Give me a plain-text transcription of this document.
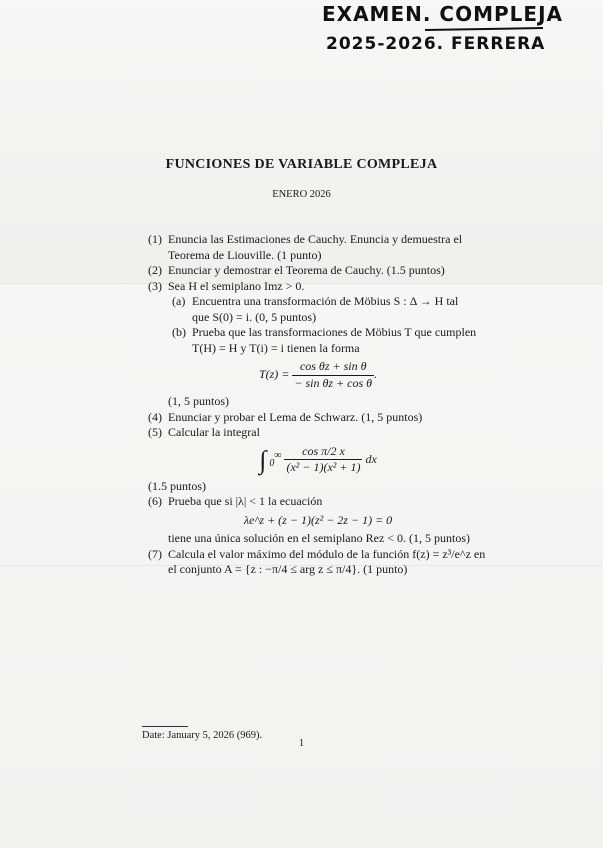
EXAMEN. COMPLEJA
2025-2026. FERRERA
FUNCIONES DE VARIABLE COMPLEJA
ENERO 2026
(1) Enuncia las Estimaciones de Cauchy. Enuncia y demuestra el
Teorema de Liouville. (1 punto)
(2) Enunciar y demostrar el Teorema de Cauchy. (1.5 puntos)
(3) Sea H el semiplano Imz > 0.
(a) Encuentra una transformación de Möbius S : Δ → H tal
que S(0) = i. (0, 5 puntos)
(b) Prueba que las transformaciones de Möbius T que cumplen
T(H) = H y T(i) = i tienen la forma
$T(z) = \frac{\text{cos θz + sin θ}}{\text{− sin θz + cos θ}}$ .
(1, 5 puntos)
(4) Enunciar y probar el Lema de Schwarz. (1, 5 puntos)
(5) Calcular la integral
∫ $_0^\infty \frac{\text{cos π/2 x}}{\text{(x² − 1)(x² + 1)}}$ dx
(1.5 puntos)
(6) Prueba que si |λ| < 1 la ecuación
λe^z + (z − 1)(z² − 2z − 1) = 0
tiene una única solución en el semiplano Rez < 0. (1, 5 puntos)
(7) Calcula el valor máximo del módulo de la función f(z) = z³/e^z en
el conjunto A = {z : −π/4 ≤ arg z ≤ π/4}. (1 punto)
Date: January 5, 2026 (969).
1
